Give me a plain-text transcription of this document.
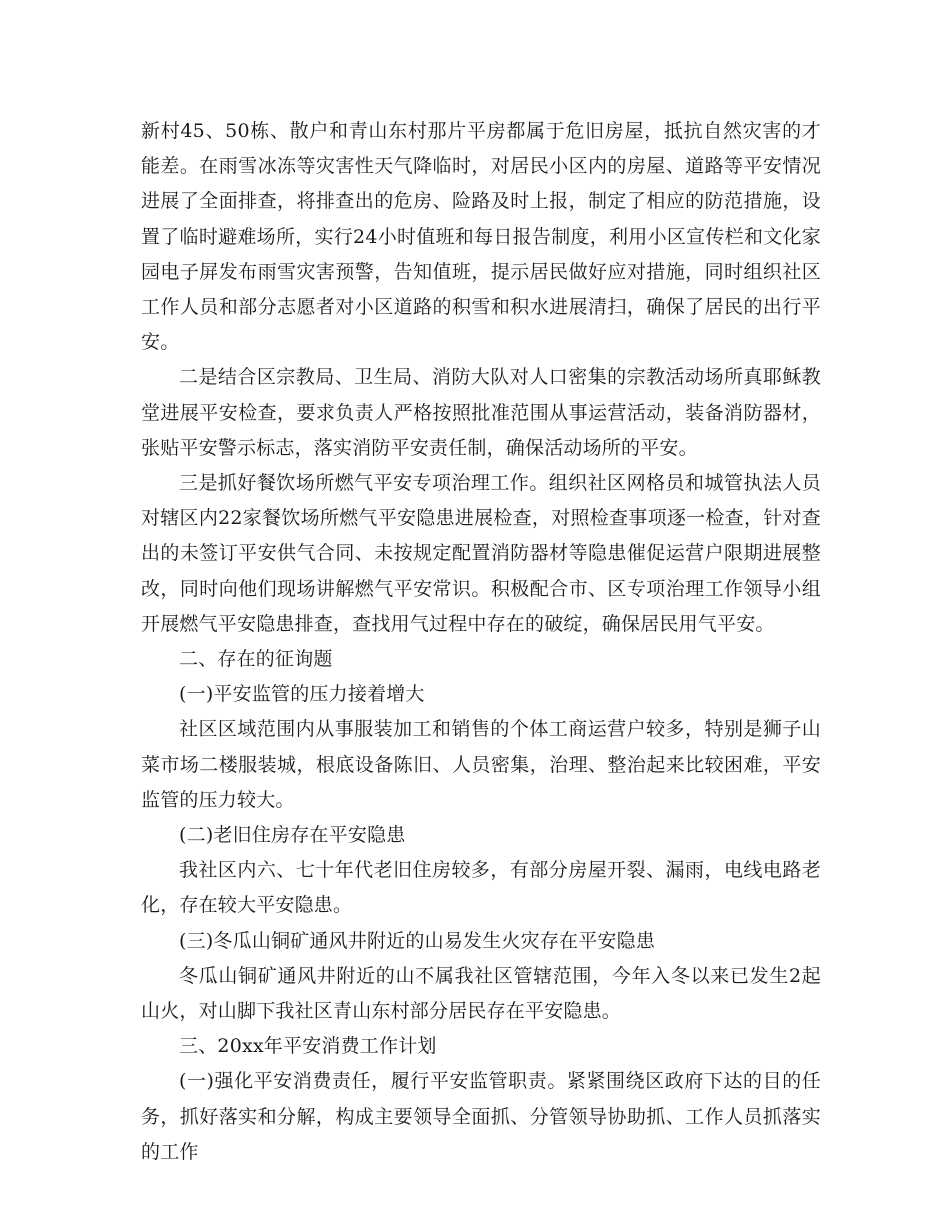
新村45、50栋、散户和青山东村那片平房都属于危旧房屋，抵抗自然灾害的才能差。在雨雪冰冻等灾害性天气降临时，对居民小区内的房屋、道路等平安情况进展了全面排查，将排查出的危房、险路及时上报，制定了相应的防范措施，设置了临时避难场所，实行24小时值班和每日报告制度，利用小区宣传栏和文化家园电子屏发布雨雪灾害预警，告知值班，提示居民做好应对措施，同时组织社区工作人员和部分志愿者对小区道路的积雪和积水进展清扫，确保了居民的出行平安。

二是结合区宗教局、卫生局、消防大队对人口密集的宗教活动场所真耶稣教堂进展平安检查，要求负责人严格按照批准范围从事运营活动，装备消防器材，张贴平安警示标志，落实消防平安责任制，确保活动场所的平安。

三是抓好餐饮场所燃气平安专项治理工作。组织社区网格员和城管执法人员对辖区内22家餐饮场所燃气平安隐患进展检查，对照检查事项逐一检查，针对查出的未签订平安供气合同、未按规定配置消防器材等隐患催促运营户限期进展整改，同时向他们现场讲解燃气平安常识。积极配合市、区专项治理工作领导小组开展燃气平安隐患排查，查找用气过程中存在的破绽，确保居民用气平安。

二、存在的征询题

(一)平安监管的压力接着增大

社区区域范围内从事服装加工和销售的个体工商运营户较多，特别是狮子山菜市场二楼服装城，根底设备陈旧、人员密集，治理、整治起来比较困难，平安监管的压力较大。

(二)老旧住房存在平安隐患

我社区内六、七十年代老旧住房较多，有部分房屋开裂、漏雨，电线电路老化，存在较大平安隐患。

(三)冬瓜山铜矿通风井附近的山易发生火灾存在平安隐患

冬瓜山铜矿通风井附近的山不属我社区管辖范围，今年入冬以来已发生2起山火，对山脚下我社区青山东村部分居民存在平安隐患。

三、20xx年平安消费工作计划

(一)强化平安消费责任，履行平安监管职责。紧紧围绕区政府下达的目的任务，抓好落实和分解，构成主要领导全面抓、分管领导协助抓、工作人员抓落实的工作
